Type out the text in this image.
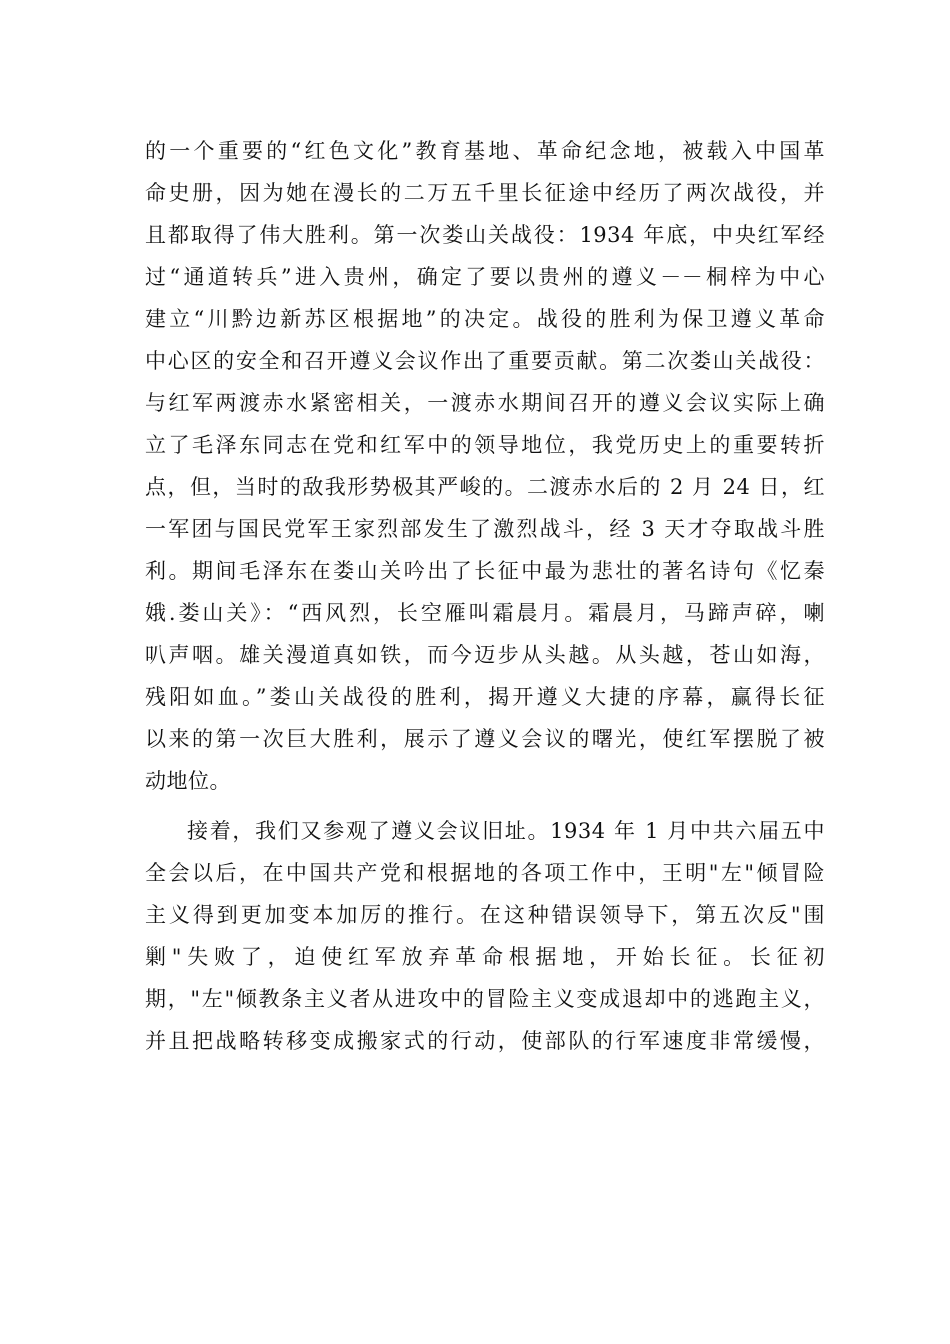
的一个重要的“红色文化”教育基地、革命纪念地，被载入中国革
命史册，因为她在漫长的二万五千里长征途中经历了两次战役，并
且都取得了伟大胜利。第一次娄山关战役：1934 年底，中央红军经
过“通道转兵”进入贵州，确定了要以贵州的遵义－－桐梓为中心
建立“川黔边新苏区根据地”的决定。战役的胜利为保卫遵义革命
中心区的安全和召开遵义会议作出了重要贡献。第二次娄山关战役：
与红军两渡赤水紧密相关，一渡赤水期间召开的遵义会议实际上确
立了毛泽东同志在党和红军中的领导地位，我党历史上的重要转折
点，但，当时的敌我形势极其严峻的。二渡赤水后的 2 月 24 日，红
一军团与国民党军王家烈部发生了激烈战斗，经 3 天才夺取战斗胜
利。期间毛泽东在娄山关吟出了长征中最为悲壮的著名诗句《忆秦
娥.娄山关》：“西风烈，长空雁叫霜晨月。霜晨月，马蹄声碎，喇
叭声咽。雄关漫道真如铁，而今迈步从头越。从头越，苍山如海，
残阳如血。”娄山关战役的胜利，揭开遵义大捷的序幕，赢得长征
以来的第一次巨大胜利，展示了遵义会议的曙光，使红军摆脱了被
动地位。
接着，我们又参观了遵义会议旧址。1934 年 1 月中共六届五中
全会以后，在中国共产党和根据地的各项工作中，王明"左"倾冒险
主义得到更加变本加厉的推行。在这种错误领导下，第五次反"围
剿"失败了，迫使红军放弃革命根据地，开始长征。长征初
期，"左"倾教条主义者从进攻中的冒险主义变成退却中的逃跑主义，
并且把战略转移变成搬家式的行动，使部队的行军速度非常缓慢，
